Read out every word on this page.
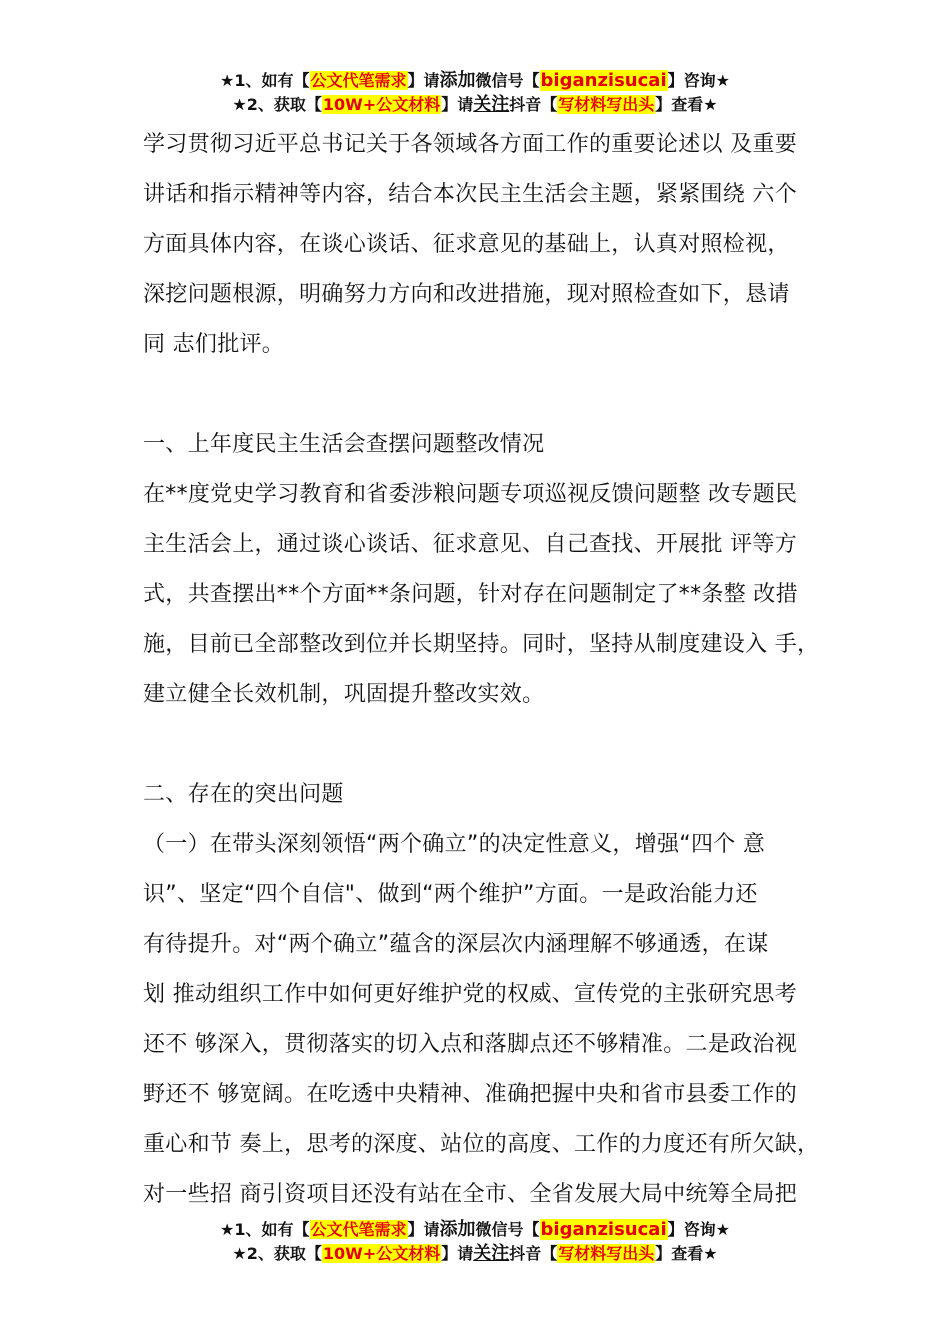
★1、如有【公文代笔需求】请添加微信号【biganzisucai】咨询★
★2、获取【10W+公文材料】请关注抖音【写材料写出头】查看★

学习贯彻习近平总书记关于各领域各方面工作的重要论述以 及重要

讲话和指示精神等内容，结合本次民主生活会主题，紧紧围绕 六个

方面具体内容，在谈心谈话、征求意见的基础上，认真对照检视，

深挖问题根源，明确努力方向和改进措施，现对照检查如下，恳请

同 志们批评。

一、上年度民主生活会查摆问题整改情况

在**度党史学习教育和省委涉粮问题专项巡视反馈问题整 改专题民

主生活会上，通过谈心谈话、征求意见、自己查找、开展批 评等方

式，共查摆出**个方面**条问题，针对存在问题制定了**条整 改措

施，目前已全部整改到位并长期坚持。同时，坚持从制度建设入 手，

建立健全长效机制，巩固提升整改实效。

二、存在的突出问题

（一）在带头深刻领悟“两个确立”的决定性意义，增强“四个 意

识”、坚定“四个自信"、做到“两个维护”方面。一是政治能力还

有待提升。对“两个确立”蕴含的深层次内涵理解不够通透，在谋

划 推动组织工作中如何更好维护党的权威、宣传党的主张研究思考

还不 够深入，贯彻落实的切入点和落脚点还不够精准。二是政治视

野还不 够宽阔。在吃透中央精神、准确把握中央和省市县委工作的

重心和节 奏上，思考的深度、站位的高度、工作的力度还有所欠缺，

对一些招 商引资项目还没有站在全市、全省发展大局中统筹全局把

★1、如有【公文代笔需求】请添加微信号【biganzisucai】咨询★
★2、获取【10W+公文材料】请关注抖音【写材料写出头】查看★
